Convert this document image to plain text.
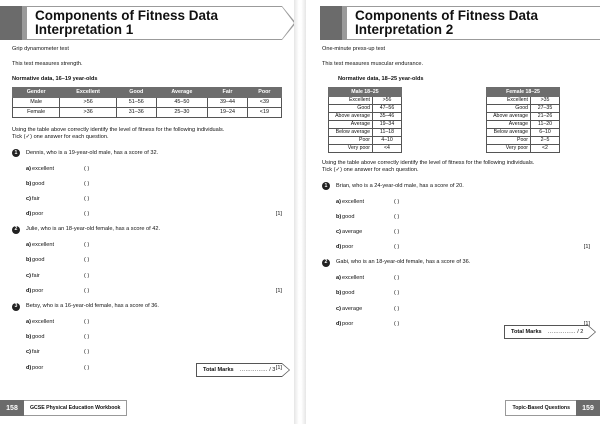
Components of Fitness Data
Interpretation 1
Grip dynamometer test
This test measures strength.
Normative data, 16–19 year-olds
Gender	Excellent	Good	Average	Fair	Poor
Male	>56	51–56	45–50	39–44	<39
Female	>36	31–36	25–30	19–24	<19
Using the table above correctly identify the level of fitness for the following individuals.
Tick (✓) one answer for each question.
1	Dennis, who is a 19-year-old male, has a score of 32.
a) excellent	( )
b) good	( )
c) fair	( )
d) poor	( )	[1]
2	Julie, who is an 18-year-old female, has a score of 42.
a) excellent	( )
b) good	( )
c) fair	( )
d) poor	( )	[1]
3	Betsy, who is a 16-year-old female, has a score of 36.
a) excellent	( )
b) good	( )
c) fair	( )
d) poor	( )	[1]
Total Marks …………… / 3
158	GCSE Physical Education Workbook
Components of Fitness Data
Interpretation 2
One-minute press-up test
This test measures muscular endurance.
Normative data, 18–25 year-olds
Male 18–25	
Excellent	>56
Good	47–56
Above average	35–46
Average	19–34
Below average	11–18
Poor	4–10
Very poor	<4
Female 18–25	
Excellent	>35
Good	27–35
Above average	21–26
Average	11–20
Below average	6–10
Poor	2–5
Very poor	<2
Using the table above correctly identify the level of fitness for the following individuals.
Tick (✓) one answer for each question.
1	Brian, who is a 24-year-old male, has a score of 20.
a) excellent	( )
b) good	( )
c) average	( )
d) poor	( )	[1]
2	Gabi, who is an 18-year-old female, has a score of 36.
a) excellent	( )
b) good	( )
c) average	( )
d) poor	( )	[1]
Total Marks …………… / 2
Topic-Based Questions	159
